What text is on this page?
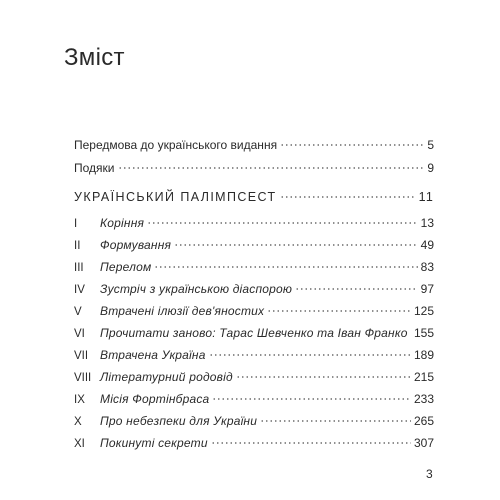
Зміст
Передмова до українського видання	5
Подяки	9
УКРАЇНСЬКИЙ ПАЛІМПСЕСТ	11
I	Коріння	13
II	Формування	49
III	Перелом	83
IV	Зустріч з українською діаспорою	97
V	Втрачені ілюзії дев'яностих	125
VI	Прочитати заново: Тарас Шевченко та Іван Франко 155
VII Втрачена Україна	189
VIII Літературний родовід	215
IX	Місія Фортінбраса	233
X	Про небезпеки для України	265
XI	Покинуті секрети	307
3
